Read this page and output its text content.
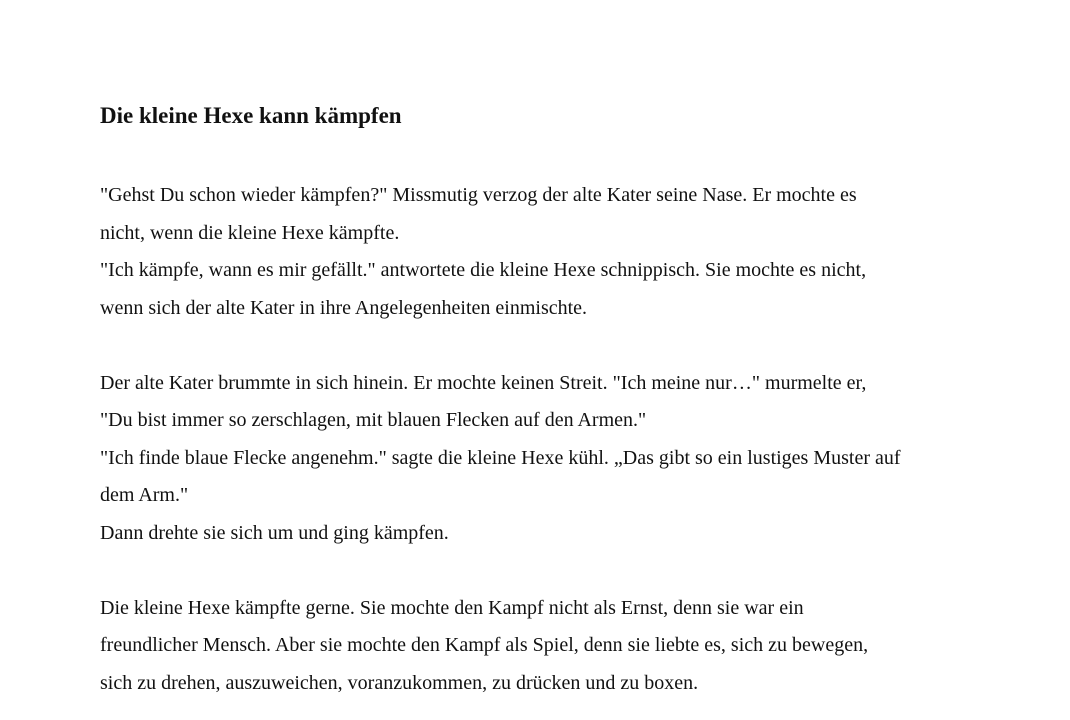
Die kleine Hexe kann kämpfen
"Gehst Du schon wieder kämpfen?" Missmutig verzog der alte Kater seine Nase. Er mochte es
nicht, wenn die kleine Hexe kämpfte.
"Ich kämpfe, wann es mir gefällt." antwortete die kleine Hexe schnippisch. Sie mochte es nicht,
wenn sich der alte Kater in ihre Angelegenheiten einmischte.
Der alte Kater brummte in sich hinein. Er mochte keinen Streit. "Ich meine nur…" murmelte er,
"Du bist immer so zerschlagen, mit blauen Flecken auf den Armen."
"Ich finde blaue Flecke angenehm." sagte die kleine Hexe kühl. „Das gibt so ein lustiges Muster auf
dem Arm."
Dann drehte sie sich um und ging kämpfen.
Die kleine Hexe kämpfte gerne. Sie mochte den Kampf nicht als Ernst, denn sie war ein
freundlicher Mensch. Aber sie mochte den Kampf als Spiel, denn sie liebte es, sich zu bewegen,
sich zu drehen, auszuweichen, voranzukommen, zu drücken und zu boxen.
